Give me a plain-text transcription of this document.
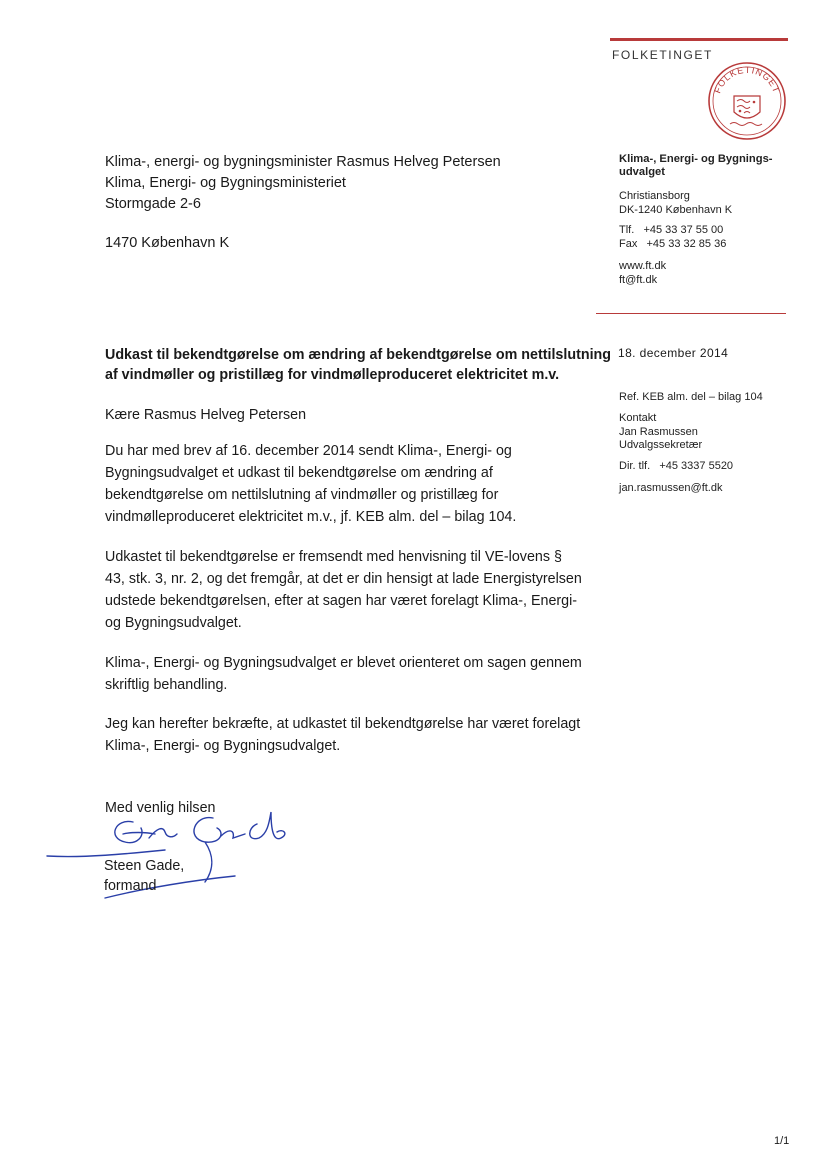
FOLKETINGET
FOLKETINGET
Klima-, energi- og bygningsminister Rasmus Helveg Petersen
Klima, Energi- og Bygningsministeriet
Stormgade 2-6
1470 København K
Klima-, Energi- og Bygnings-
udvalget
Christiansborg
DK-1240 København K
Tlf.   +45 33 37 55 00
Fax   +45 33 32 85 36
www.ft.dk
ft@ft.dk
18. december 2014
Ref. KEB alm. del – bilag 104
Kontakt
Jan Rasmussen
Udvalgssekretær
Dir. tlf.   +45 3337 5520
jan.rasmussen@ft.dk
Udkast til bekendtgørelse om ændring af bekendtgørelse om nettilslutning af vindmøller og pristillæg for vindmølleproduceret elektricitet m.v.
Kære Rasmus Helveg Petersen

Du har med brev af 16. december 2014 sendt Klima-, Energi- og Bygningsudvalget et udkast til bekendtgørelse om ændring af bekendtgørelse om nettilslutning af vindmøller og pristillæg for vindmølleproduceret elektricitet m.v., jf. KEB alm. del – bilag 104.

Udkastet til bekendtgørelse er fremsendt med henvisning til VE-lovens § 43, stk. 3, nr. 2, og det fremgår, at det er din hensigt at lade Energistyrelsen udstede bekendtgørelsen, efter at sagen har været forelagt Klima-, Energi- og Bygningsudvalget.

Klima-, Energi- og Bygningsudvalget er blevet orienteret om sagen gennem skriftlig behandling.

Jeg kan herefter bekræfte, at udkastet til bekendtgørelse har været forelagt Klima-, Energi- og Bygningsudvalget.

Med venlig hilsen
Steen Gade,
formand
1/1
